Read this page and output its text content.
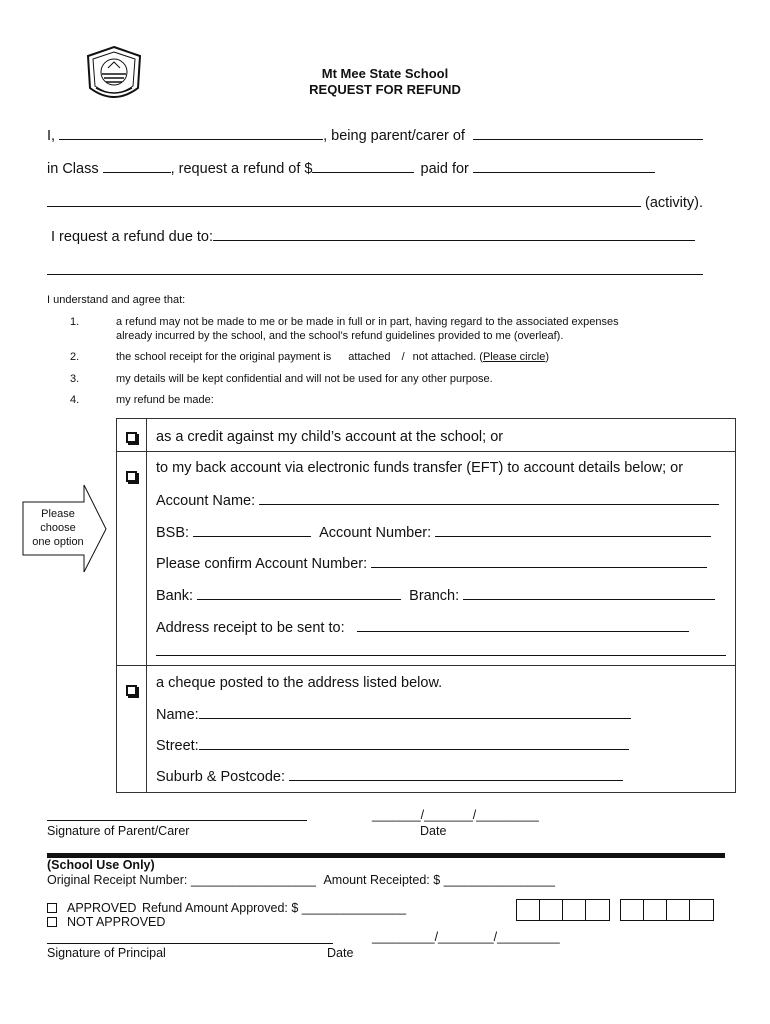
Mt Mee State School
REQUEST FOR REFUND
I,	, being parent/carer of
in Class	, request a refund of $	paid for
(activity).
I request a refund due to:
I understand and agree that:
1.	a refund may not be made to me or be made in full or in part, having regard to the associated expenses
already incurred by the school, and the school’s refund guidelines provided to me (overleaf).
2.	the school receipt for the original payment is attached / not attached. (Please circle)
3.	my details will be kept confidential and will not be used for any other purpose.
4.	my refund be made:
as a credit against my child’s account at the school; or
to my back account via electronic funds transfer (EFT) to account details below; or
Account Name:
BSB:	Account Number:
Please confirm Account Number:
Bank:	Branch:
Address receipt to be sent to:
a cheque posted to the address listed below.
Name:
Street:
Suburb & Postcode:
Please
choose
one option
_______/_______/_________
Signature of Parent/Carer	Date
(School Use Only)
Original Receipt Number: __________________ Amount Receipted: $ ________________
APPROVED Refund Amount Approved: $ _______________
NOT APPROVED
_________/________/_________
Signature of Principal	Date
